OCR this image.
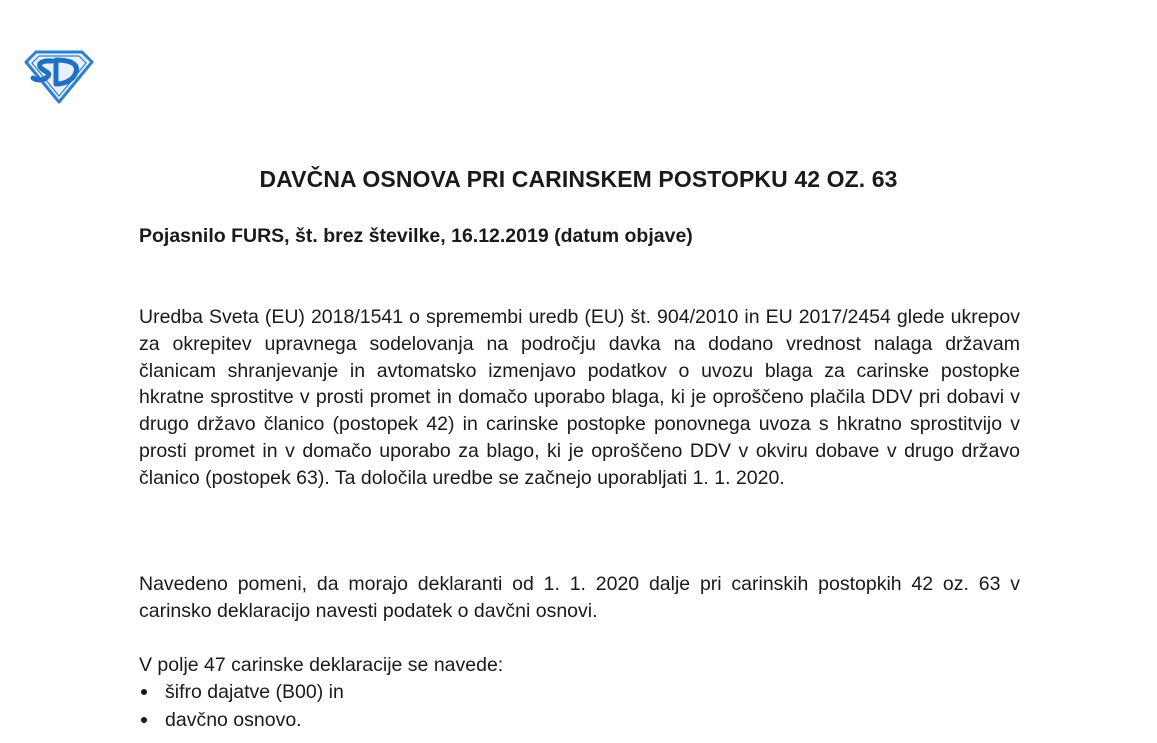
DAVČNA OSNOVA PRI CARINSKEM POSTOPKU 42 OZ. 63

Pojasnilo FURS, št. brez številke, 16.12.2019 (datum objave)

Uredba Sveta (EU) 2018/1541 o spremembi uredb (EU) št. 904/2010 in EU 2017/2454 glede ukrepov za okrepitev upravnega sodelovanja na področju davka na dodano vrednost nalaga državam članicam shranjevanje in avtomatsko izmenjavo podatkov o uvozu blaga za carinske postopke hkratne sprostitve v prosti promet in domačo uporabo blaga, ki je oproščeno plačila DDV pri dobavi v drugo državo članico (postopek 42) in carinske postopke ponovnega uvoza s hkratno sprostitvijo v prosti promet in v domačo uporabo za blago, ki je oproščeno DDV v okviru dobave v drugo državo članico (postopek 63). Ta določila uredbe se začnejo uporabljati 1. 1. 2020.

Navedeno pomeni, da morajo deklaranti od 1. 1. 2020 dalje pri carinskih postopkih 42 oz. 63 v carinsko deklaracijo navesti podatek o davčni osnovi.

V polje 47 carinske deklaracije se navede:

šifro dajatve (B00) in
davčno osnovo.
